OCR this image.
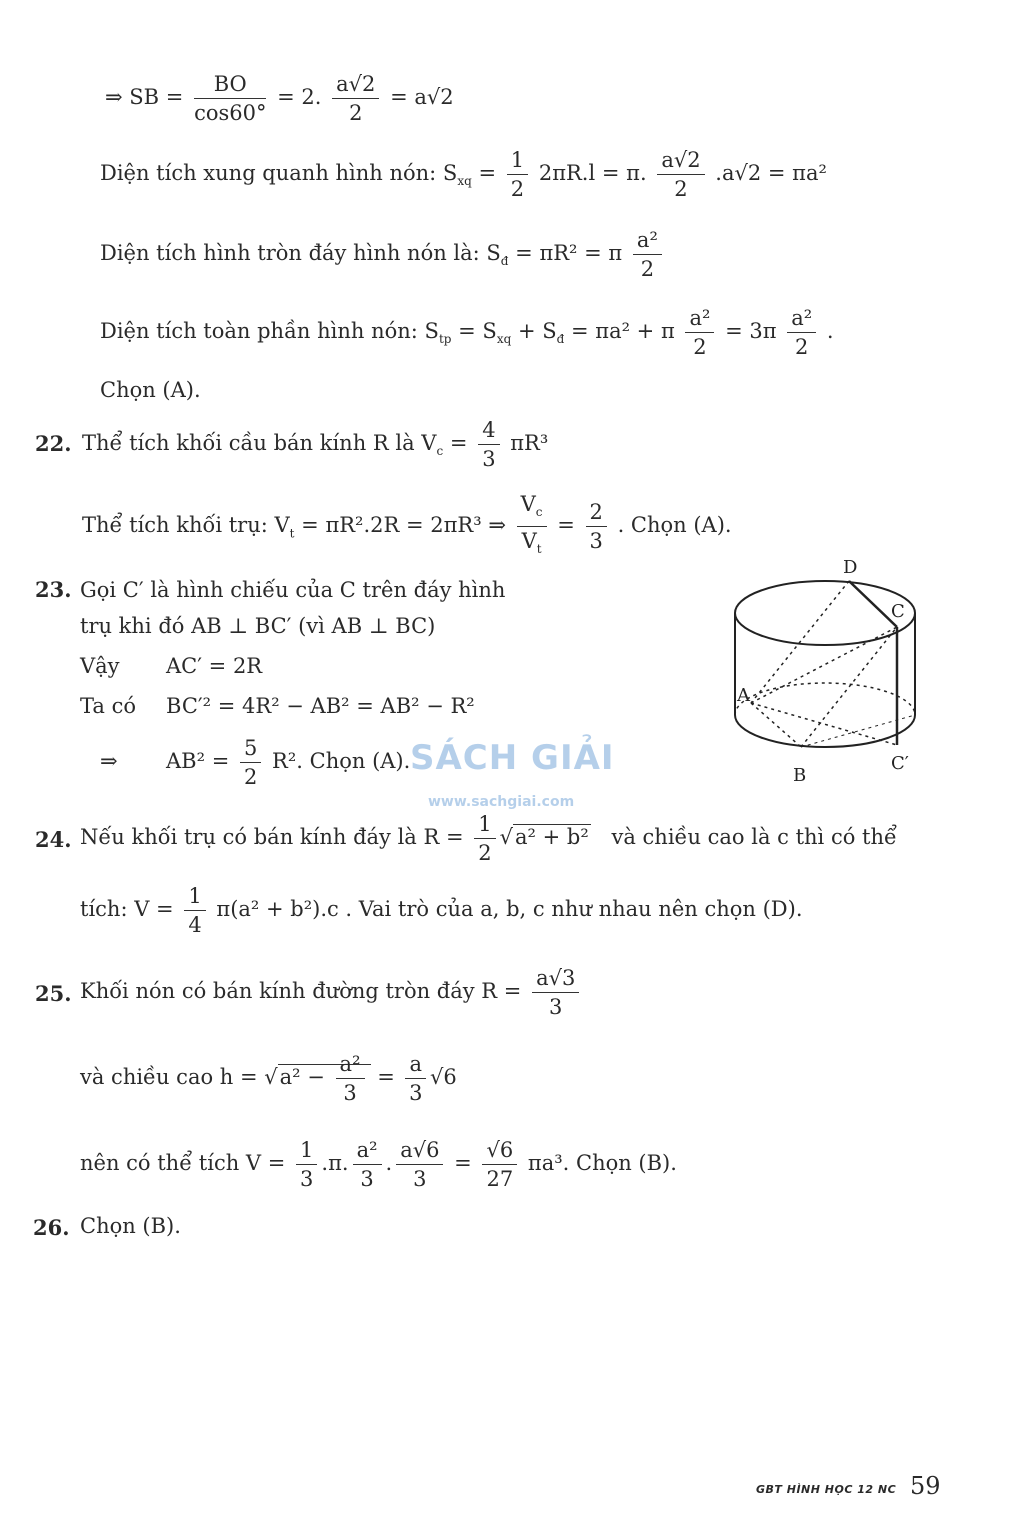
⇒ SB = $\frac{BO}{\cos 60^\circ} = 2$. $\frac{a√2}{2} = a√2$
Diện tích xung quanh hình nón: $S_{xq} = \frac{1}{2} 2\pi R.l = \pi$. $\frac{a√2}{2} .a√2 = \pi a^2$
Diện tích hình tròn đáy hình nón là: $S_đ = \pi R^2 = \pi \frac{\text{a²}}{2}$
Diện tích toàn phần hình nón: $S_{tp} = S_{xq} + S_đ = \pi a^2 + \pi \frac{\text{a²}}{2} = 3\pi \frac{\text{a²}}{2}$ .
Chọn (A).
22. Thể tích khối cầu bán kính R là $V_c = \frac{4}{3} \pi R^3$
Thể tích khối trụ: $V_t = \pi R^2.2R = 2\pi R^3$ ⇒ $\frac{V_c}{V_t} = \frac{2}{3}$ . Chọn (A).
23. Gọi C′ là hình chiếu của C trên đáy hình
trụ khi đó AB ⊥ BC′ (vì AB ⊥ BC)
Vậy AC′ = 2R
Ta có BC′² = 4R² − AB² = AB² − R²
⇒ $AB^2 = \frac{5}{2} R^2$. Chọn (A).
D
C
A
B
C′
SÁCH GIẢI
www.sachgiai.com
24. Nếu khối trụ có bán kính đáy là $R = \frac{1}{2} √a^2 + b^2$ và chiều cao là c thì có thể
tích: $V = \frac{1}{4} \pi(a^2 + b^2).c$ . Vai trò của a, b, c như nhau nên chọn (D).
25. Khối nón có bán kính đường tròn đáy $R = \frac{a√3}{3}$
và chiều cao $h = √a^2 - \frac{\text{a²}}{3} = \frac{a}{3} √6$
nên có thể tích $V = \frac{1}{3} .\pi$. $\frac{\text{a²}}{3}$ . $\frac{a√6}{3} = \frac{√6}{27} \pi a^3$. Chọn (B).
26. Chọn (B).
GBT HÌNH HỌC 12 NC 59
